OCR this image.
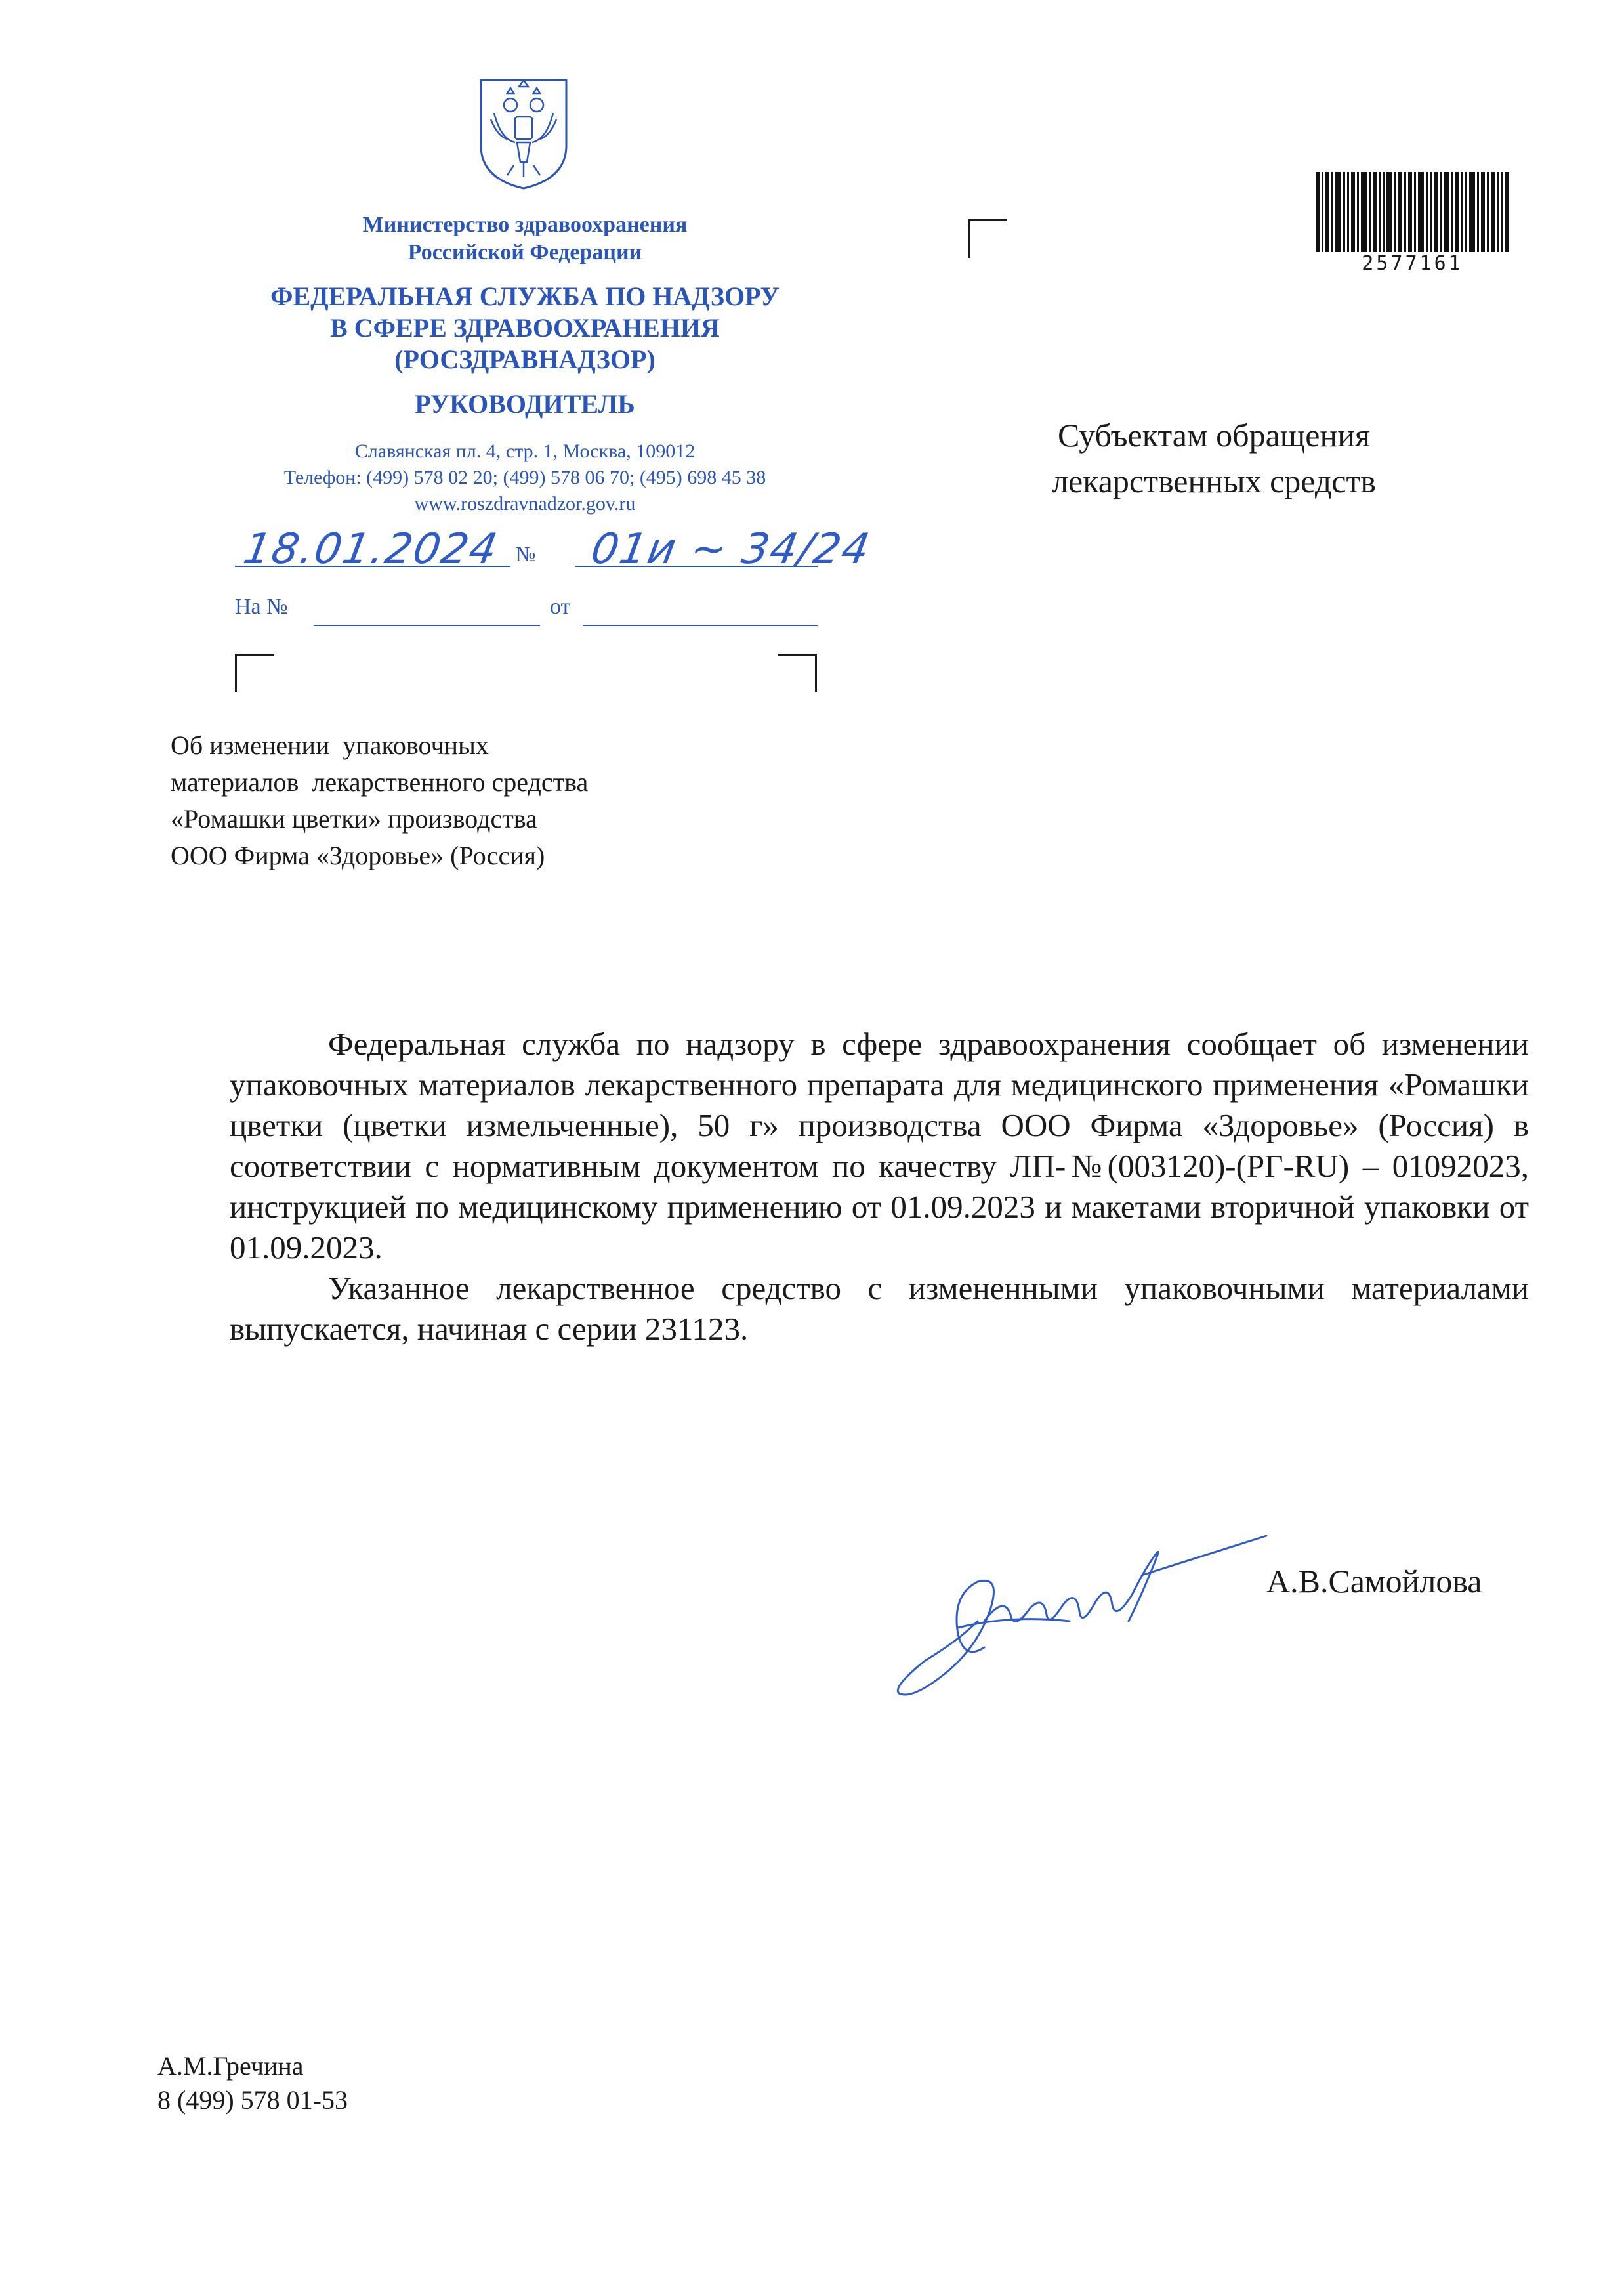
Министерство здравоохранения
Российской Федерации
ФЕДЕРАЛЬНАЯ СЛУЖБА ПО НАДЗОРУ
В СФЕРЕ ЗДРАВООХРАНЕНИЯ
(РОСЗДРАВНАДЗОР)
РУКОВОДИТЕЛЬ
Славянская пл. 4, стр. 1, Москва, 109012
Телефон: (499) 578 02 20; (499) 578 06 70; (495) 698 45 38
www.roszdravnadzor.gov.ru
18.01.2024 № 01и ~ 34/24
На №	от
2577161
Субъектам обращения
лекарственных средств
Об изменении  упаковочных
материалов  лекарственного средства
«Ромашки цветки» производства
ООО Фирма «Здоровье» (Россия)

Федеральная служба по надзору в сфере здравоохранения сообщает об изменении упаковочных материалов лекарственного препарата для медицинского применения «Ромашки цветки (цветки измельченные), 50 г» производства ООО Фирма «Здоровье» (Россия) в соответствии с нормативным документом по качеству ЛП-№(003120)-(РГ-RU) – 01092023, инструкцией по медицинскому применению от 01.09.2023 и макетами вторичной упаковки от 01.09.2023.

Указанное лекарственное средство с измененными упаковочными материалами выпускается, начиная с серии 231123.

А.В.Самойлова
А.М.Гречина
8 (499) 578 01-53
